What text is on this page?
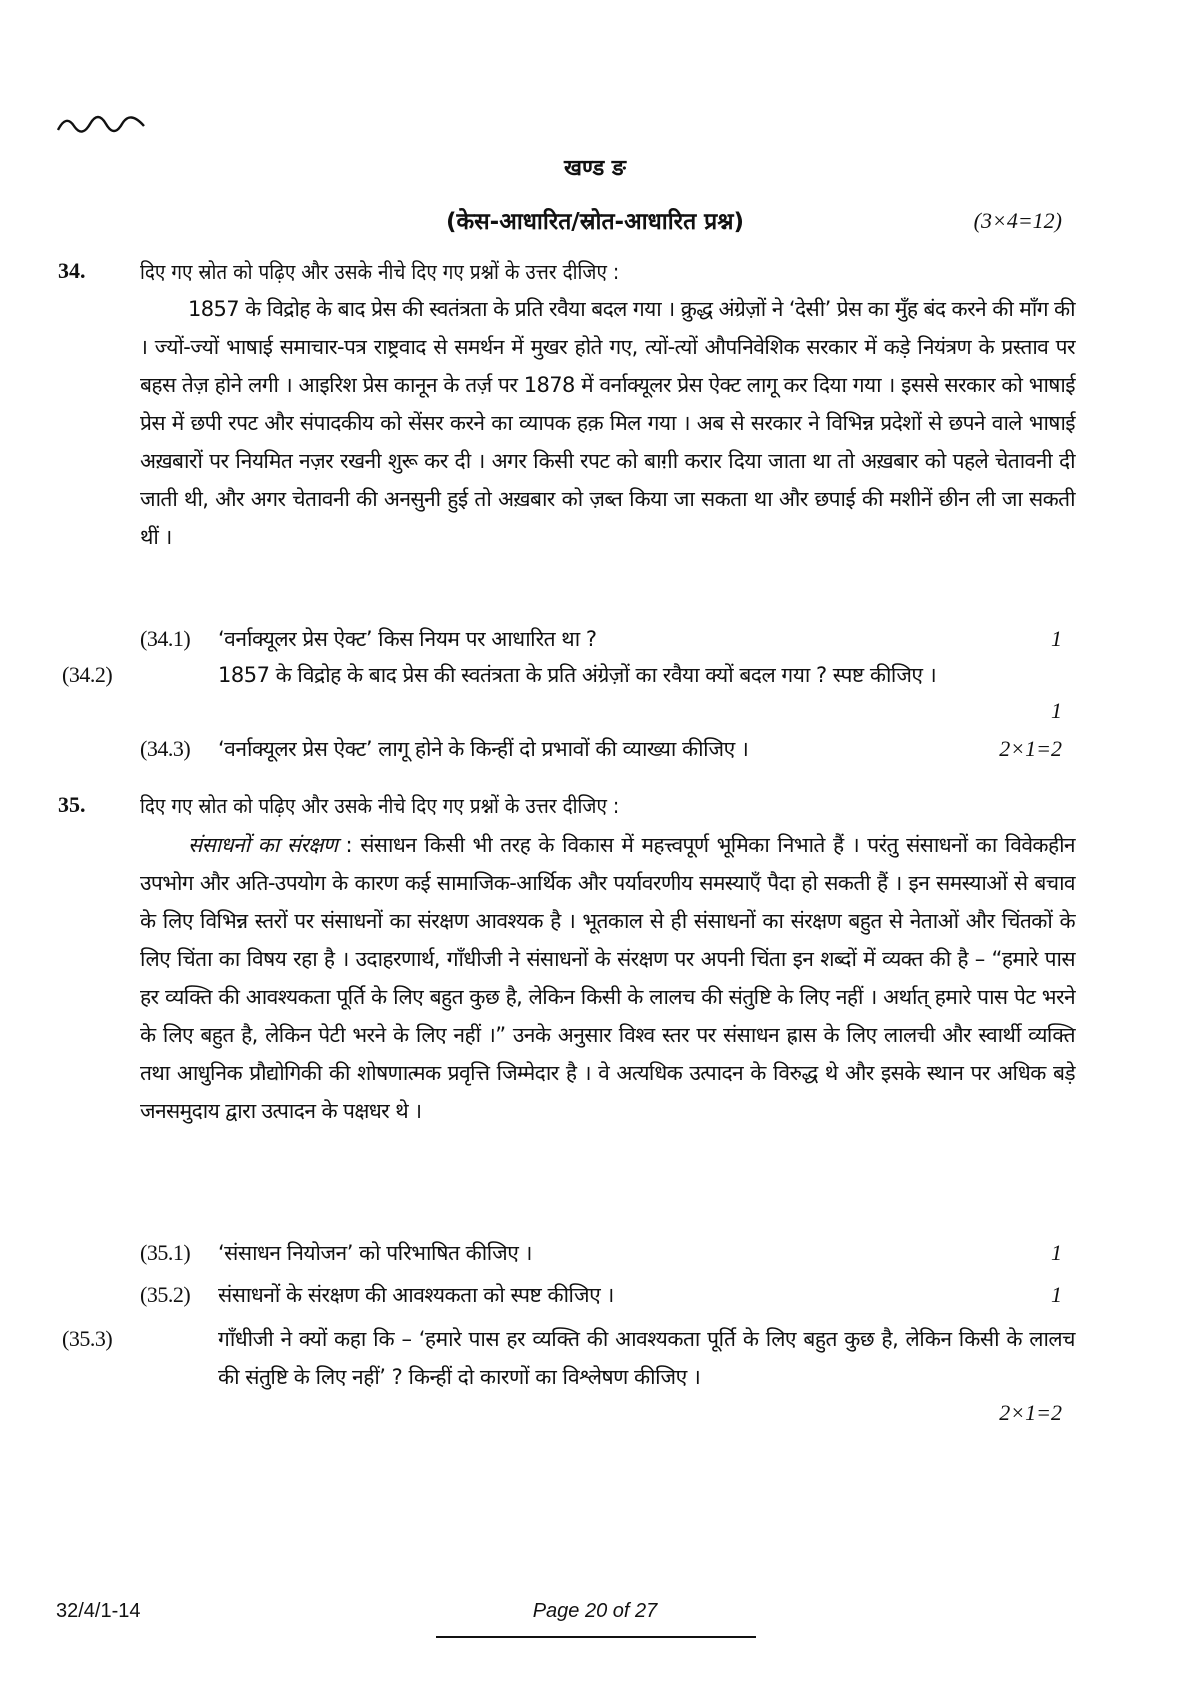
खण्ड ङ
(केस-आधारित/स्रोत-आधारित प्रश्न)	(3×4=12)
34.	दिए गए स्रोत को पढ़िए और उसके नीचे दिए गए प्रश्नों के उत्तर दीजिए :
1857 के विद्रोह के बाद प्रेस की स्वतंत्रता के प्रति रवैया बदल गया । क्रुद्ध अंग्रेज़ों ने ‘देसी’ प्रेस का मुँह बंद करने की माँग की । ज्यों-ज्यों भाषाई समाचार-पत्र राष्ट्रवाद से समर्थन में मुखर होते गए, त्यों-त्यों औपनिवेशिक सरकार में कड़े नियंत्रण के प्रस्ताव पर बहस तेज़ होने लगी । आइरिश प्रेस कानून के तर्ज़ पर 1878 में वर्नाक्यूलर प्रेस ऐक्ट लागू कर दिया गया । इससे सरकार को भाषाई प्रेस में छपी रपट और संपादकीय को सेंसर करने का व्यापक हक़ मिल गया । अब से सरकार ने विभिन्न प्रदेशों से छपने वाले भाषाई अख़बारों पर नियमित नज़र रखनी शुरू कर दी । अगर किसी रपट को बाग़ी करार दिया जाता था तो अख़बार को पहले चेतावनी दी जाती थी, और अगर चेतावनी की अनसुनी हुई तो अख़बार को ज़ब्त किया जा सकता था और छपाई की मशीनें छीन ली जा सकती थीं ।
(34.1) ‘वर्नाक्यूलर प्रेस ऐक्ट’ किस नियम पर आधारित था ?	1
(34.2)	1857 के विद्रोह के बाद प्रेस की स्वतंत्रता के प्रति अंग्रेज़ों का रवैया क्यों बदल गया ? स्पष्ट कीजिए ।
1
(34.3) ‘वर्नाक्यूलर प्रेस ऐक्ट’ लागू होने के किन्हीं दो प्रभावों की व्याख्या कीजिए ।	2×1=2
35.	दिए गए स्रोत को पढ़िए और उसके नीचे दिए गए प्रश्नों के उत्तर दीजिए :
संसाधनों का संरक्षण : संसाधन किसी भी तरह के विकास में महत्त्वपूर्ण भूमिका निभाते हैं । परंतु संसाधनों का विवेकहीन उपभोग और अति-उपयोग के कारण कई सामाजिक-आर्थिक और पर्यावरणीय समस्याएँ पैदा हो सकती हैं । इन समस्याओं से बचाव के लिए विभिन्न स्तरों पर संसाधनों का संरक्षण आवश्यक है । भूतकाल से ही संसाधनों का संरक्षण बहुत से नेताओं और चिंतकों के लिए चिंता का विषय रहा है । उदाहरणार्थ, गाँधीजी ने संसाधनों के संरक्षण पर अपनी चिंता इन शब्दों में व्यक्त की है – “हमारे पास हर व्यक्ति की आवश्यकता पूर्ति के लिए बहुत कुछ है, लेकिन किसी के लालच की संतुष्टि के लिए नहीं । अर्थात् हमारे पास पेट भरने के लिए बहुत है, लेकिन पेटी भरने के लिए नहीं ।” उनके अनुसार विश्व स्तर पर संसाधन ह्रास के लिए लालची और स्वार्थी व्यक्ति तथा आधुनिक प्रौद्योगिकी की शोषणात्मक प्रवृत्ति जिम्मेदार है । वे अत्यधिक उत्पादन के विरुद्ध थे और इसके स्थान पर अधिक बड़े जनसमुदाय द्वारा उत्पादन के पक्षधर थे ।
(35.1) ‘संसाधन नियोजन’ को परिभाषित कीजिए ।	1
(35.2) संसाधनों के संरक्षण की आवश्यकता को स्पष्ट कीजिए ।	1
(35.3)	गाँधीजी ने क्यों कहा कि – ‘हमारे पास हर व्यक्ति की आवश्यकता पूर्ति के लिए बहुत कुछ है, लेकिन किसी के लालच की संतुष्टि के लिए नहीं’ ? किन्हीं दो कारणों का विश्लेषण कीजिए ।
2×1=2
32/4/1-14	Page 20 of 27
